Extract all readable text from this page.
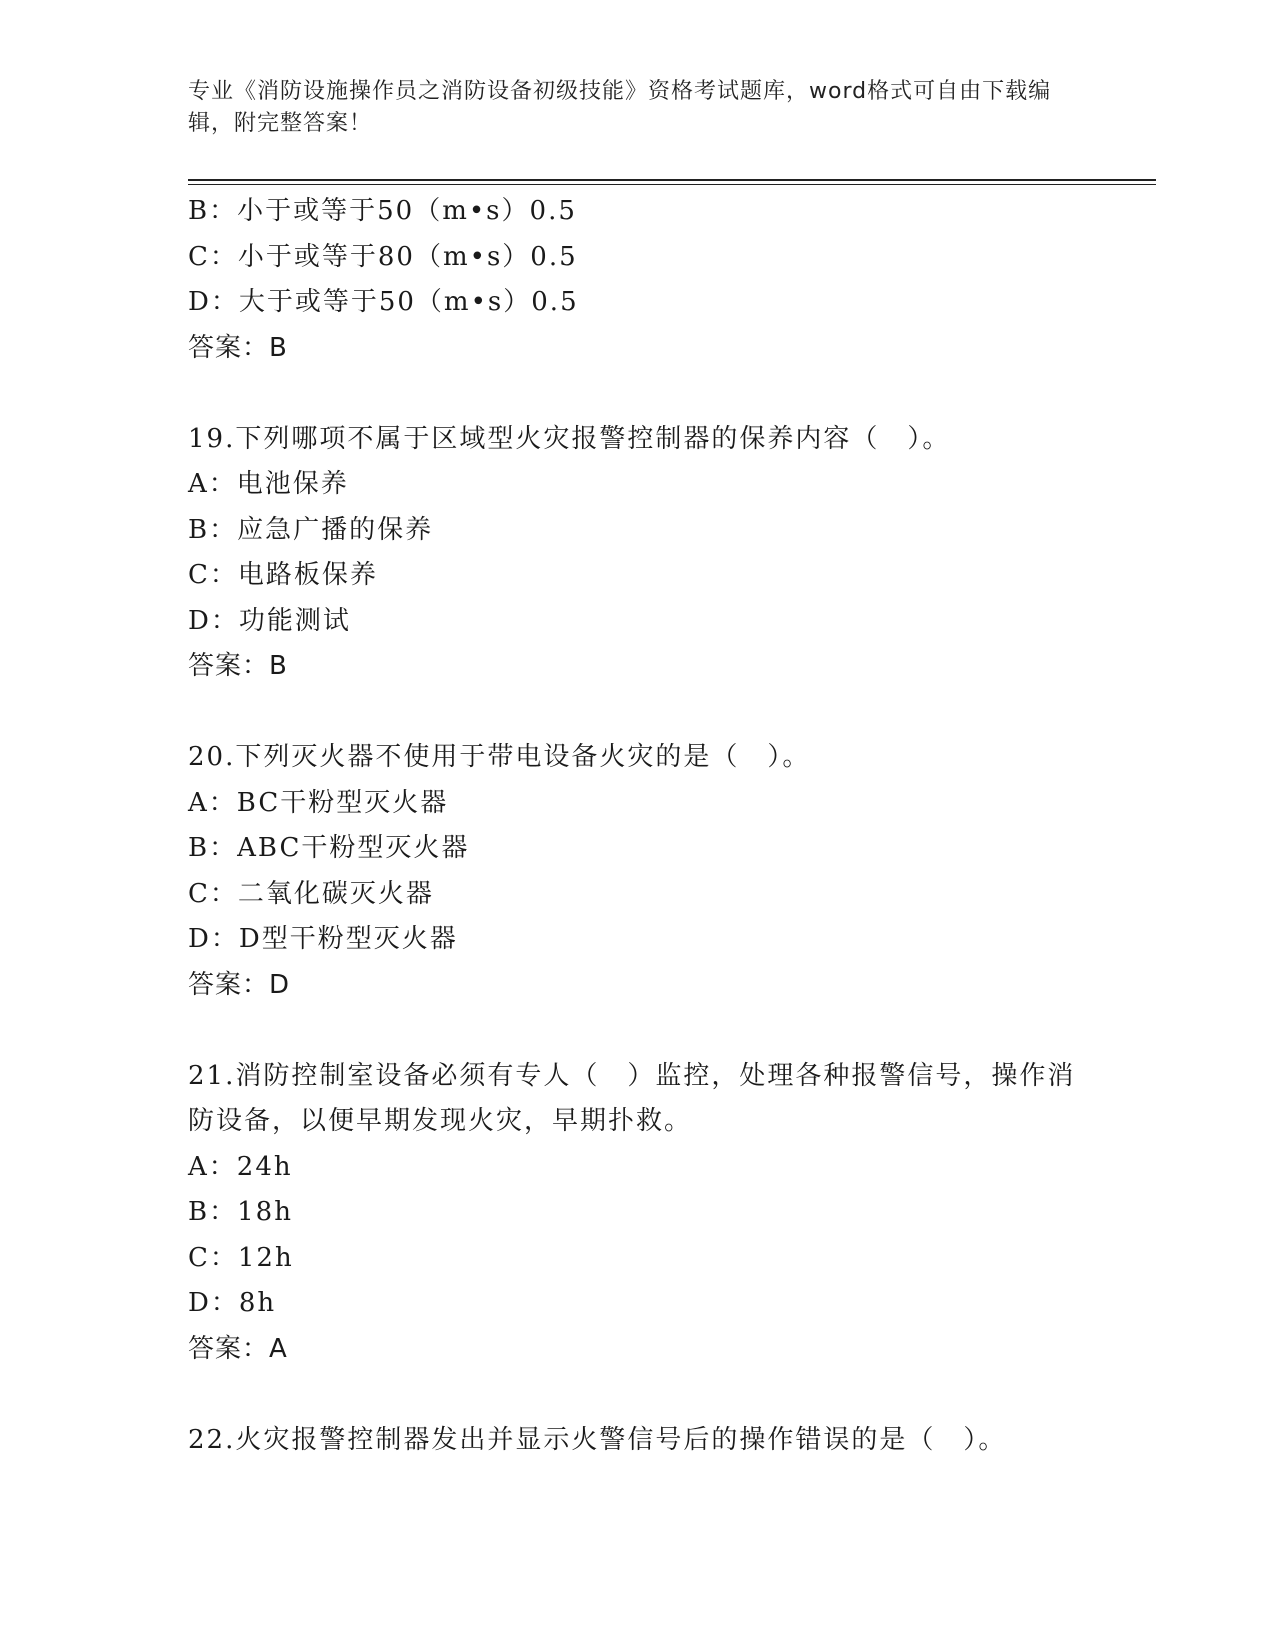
专业《消防设施操作员之消防设备初级技能》资格考试题库，word格式可自由下载编辑，附完整答案！
B：小于或等于50（m•s）0.5
C：小于或等于80（m•s）0.5
D：大于或等于50（m•s）0.5
答案：B
19.下列哪项不属于区域型火灾报警控制器的保养内容（　）。
A：电池保养
B：应急广播的保养
C：电路板保养
D：功能测试
答案：B
20.下列灭火器不使用于带电设备火灾的是（　）。
A：BC干粉型灭火器
B：ABC干粉型灭火器
C：二氧化碳灭火器
D：D型干粉型灭火器
答案：D
21.消防控制室设备必须有专人（　）监控，处理各种报警信号，操作消防设备，以便早期发现火灾，早期扑救。
A：24h
B：18h
C：12h
D：8h
答案：A
22.火灾报警控制器发出并显示火警信号后的操作错误的是（　）。
